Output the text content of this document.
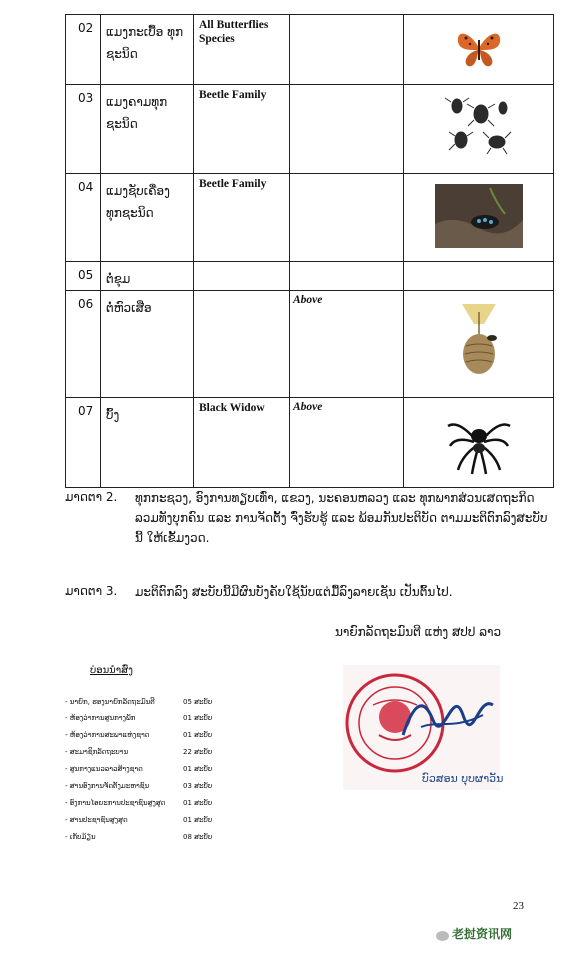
02	ແມງກະເບື້ອ ທຸກຊະນິດ	All Butterflies Species		
03	ແມງຄາມທຸກຊະນິດ	Beetle Family		
04	ແມງຊັບເຄື່ອງ ທຸກຊະນິດ	Beetle Family		
05	ຕໍ່ຂຸມ			
06	ຕໍ່ຫົວເສືອ		Above	
07	ບົ້ງ	Black Widow	Above	
ມາດຕາ 2. ທຸກກະຊວງ, ອົງການທຽບເທົ່າ, ແຂວງ, ນະຄອນຫລວງ ແລະ ທຸກພາກສ່ວນເສດຖະກິດ ລວມທັງບຸກຄົນ ແລະ ການຈັດຕັ້ງ ຈົ່ງຮັບຮູ້ ແລະ ພ້ອມກັນປະຕິບັດ ຕາມມະຕິຕົກລົງສະບັບນີ້ ໃຫ້ເຂັ້ມງວດ.
ມາດຕາ 3. ມະຕິຕົກລົງ ສະບັບນີ້ມີຜົນບັງຄັບໃຊ້ນັບແຕ່ມື້ລົງລາຍເຊັນ ເປັນຕົ້ນໄປ.
ນາຍົກລັດຖະມົນຕີ ແຫ່ງ ສປປ ລາວ
ບ່ອນນຳສົ່ງ
- ນາຍົກ, ຮອງນາຍົກລັດຖະມົນຕີ	05 ສະບັບ
- ຫ້ອງວ່າການສູນກາງພັກ	01 ສະບັບ
- ຫ້ອງວ່າການສະພາແຫ່ງຊາດ	01 ສະບັບ
- ສະມາຊິກລັດຖະບານ	22 ສະບັບ
- ສູນກາງແນວລາວສ້າງຊາດ	01 ສະບັບ
- ສານອົງການຈັດຕັ້ງມະຫາຊົນ	03 ສະບັບ
- ອົງການໄອຍະການປະຊາຊົນສູງສຸດ	01 ສະບັບ
- ສານປະຊາຊົນສູງສຸດ	01 ສະບັບ
- ເກັບມ້ຽນ	08 ສະບັບ
ບົວສອນ ບຸບຜາວັນ
23
老挝资讯网
